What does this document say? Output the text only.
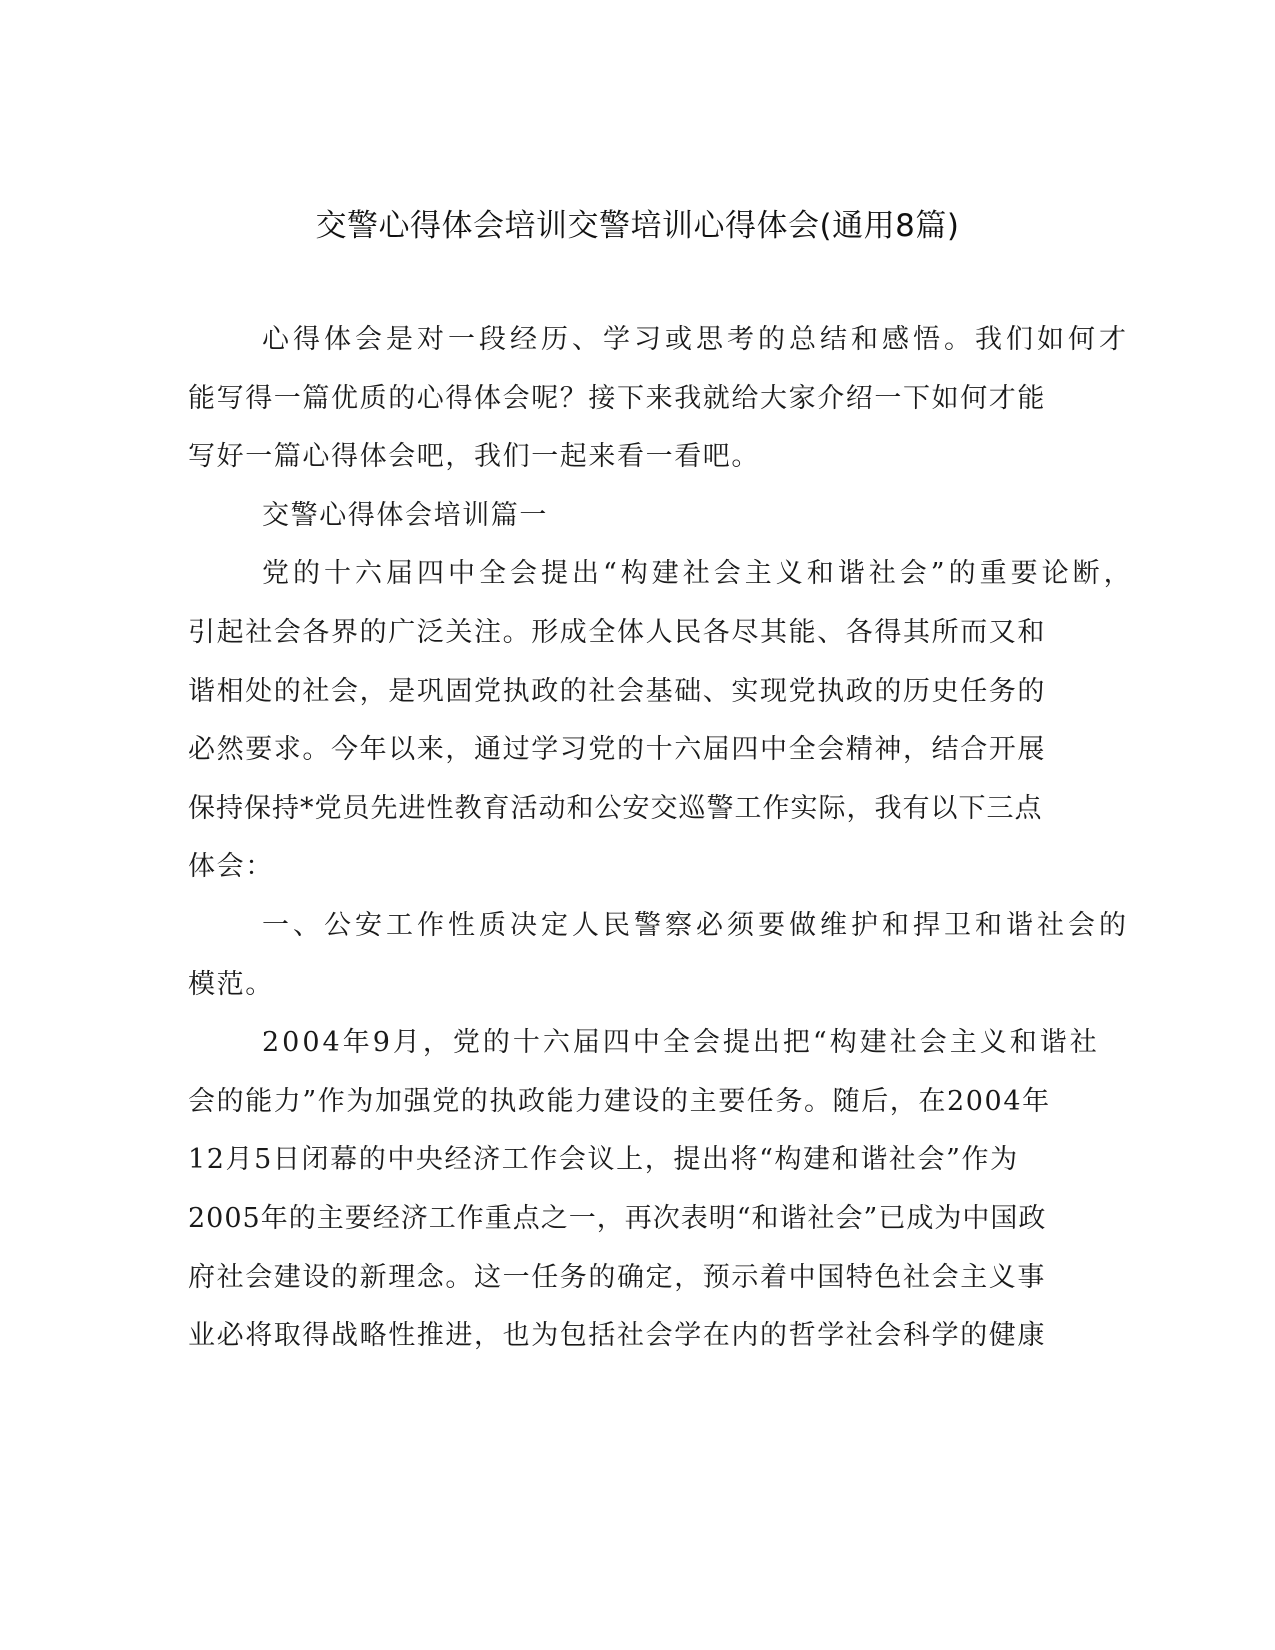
交警心得体会培训交警培训心得体会(通用8篇)
心得体会是对一段经历、学习或思考的总结和感悟。我们如何才
能写得一篇优质的心得体会呢？接下来我就给大家介绍一下如何才能
写好一篇心得体会吧，我们一起来看一看吧。
交警心得体会培训篇一
党的十六届四中全会提出“构建社会主义和谐社会”的重要论断，
引起社会各界的广泛关注。形成全体人民各尽其能、各得其所而又和
谐相处的社会，是巩固党执政的社会基础、实现党执政的历史任务的
必然要求。今年以来，通过学习党的十六届四中全会精神，结合开展
保持保持*党员先进性教育活动和公安交巡警工作实际，我有以下三点
体会：
一、公安工作性质决定人民警察必须要做维护和捍卫和谐社会的
模范。
2004年9月，党的十六届四中全会提出把“构建社会主义和谐社
会的能力”作为加强党的执政能力建设的主要任务。随后，在2004年
12月5日闭幕的中央经济工作会议上，提出将“构建和谐社会”作为
2005年的主要经济工作重点之一，再次表明“和谐社会”已成为中国政
府社会建设的新理念。这一任务的确定，预示着中国特色社会主义事
业必将取得战略性推进，也为包括社会学在内的哲学社会科学的健康
